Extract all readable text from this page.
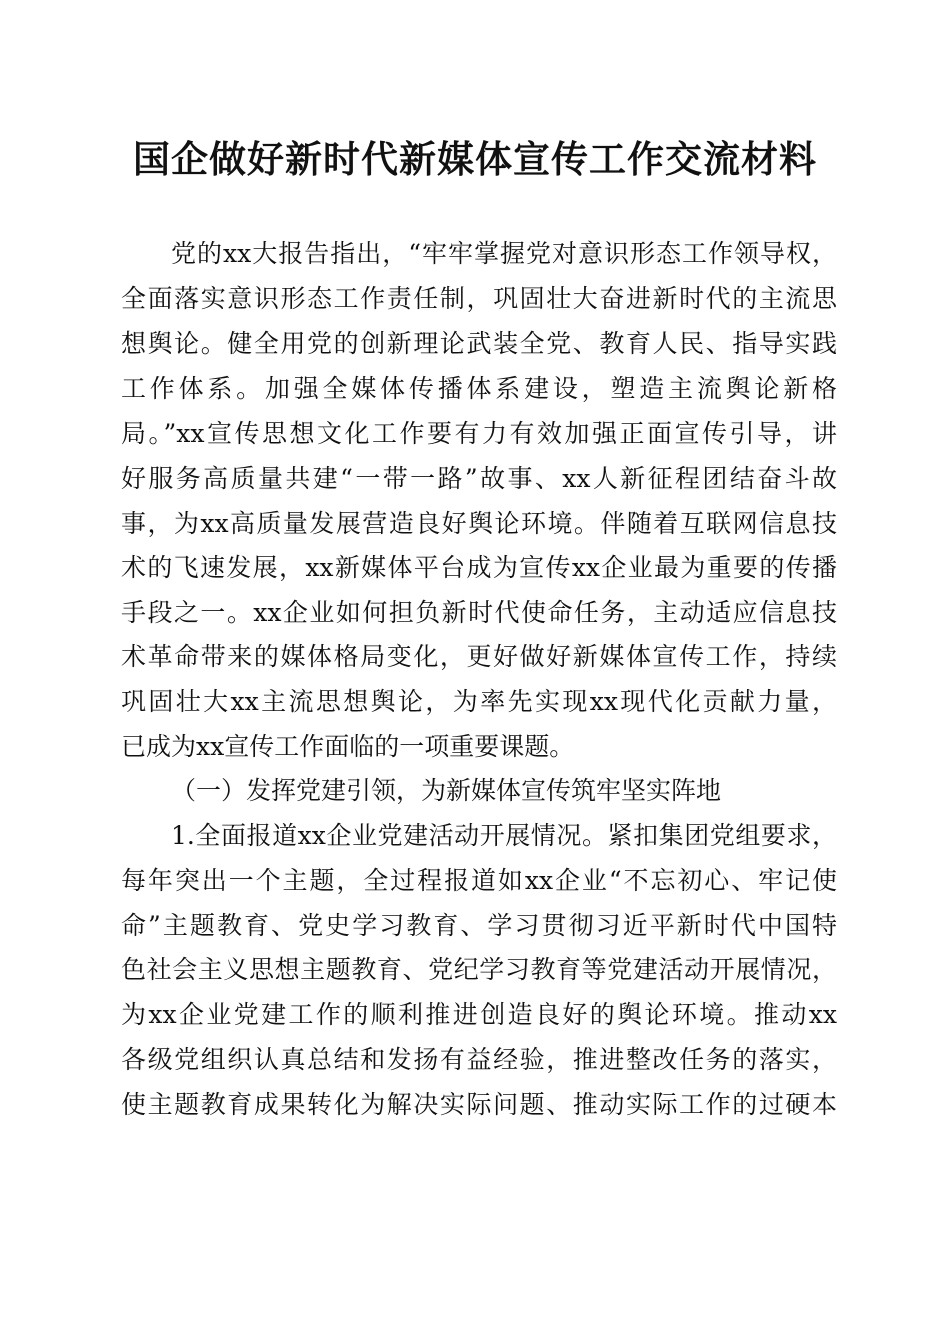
国企做好新时代新媒体宣传工作交流材料
党的xx大报告指出，“牢牢掌握党对意识形态工作领导权，
全面落实意识形态工作责任制，巩固壮大奋进新时代的主流思
想舆论。健全用党的创新理论武装全党、教育人民、指导实践
工作体系。加强全媒体传播体系建设，塑造主流舆论新格
局。”xx宣传思想文化工作要有力有效加强正面宣传引导，讲
好服务高质量共建“一带一路”故事、xx人新征程团结奋斗故
事，为xx高质量发展营造良好舆论环境。伴随着互联网信息技
术的飞速发展，xx新媒体平台成为宣传xx企业最为重要的传播
手段之一。xx企业如何担负新时代使命任务，主动适应信息技
术革命带来的媒体格局变化，更好做好新媒体宣传工作，持续
巩固壮大xx主流思想舆论，为率先实现xx现代化贡献力量，
已成为xx宣传工作面临的一项重要课题。
（一）发挥党建引领，为新媒体宣传筑牢坚实阵地
1.全面报道xx企业党建活动开展情况。紧扣集团党组要求，
每年突出一个主题，全过程报道如xx企业“不忘初心、牢记使
命”主题教育、党史学习教育、学习贯彻习近平新时代中国特
色社会主义思想主题教育、党纪学习教育等党建活动开展情况，
为xx企业党建工作的顺利推进创造良好的舆论环境。推动xx
各级党组织认真总结和发扬有益经验，推进整改任务的落实，
使主题教育成果转化为解决实际问题、推动实际工作的过硬本
